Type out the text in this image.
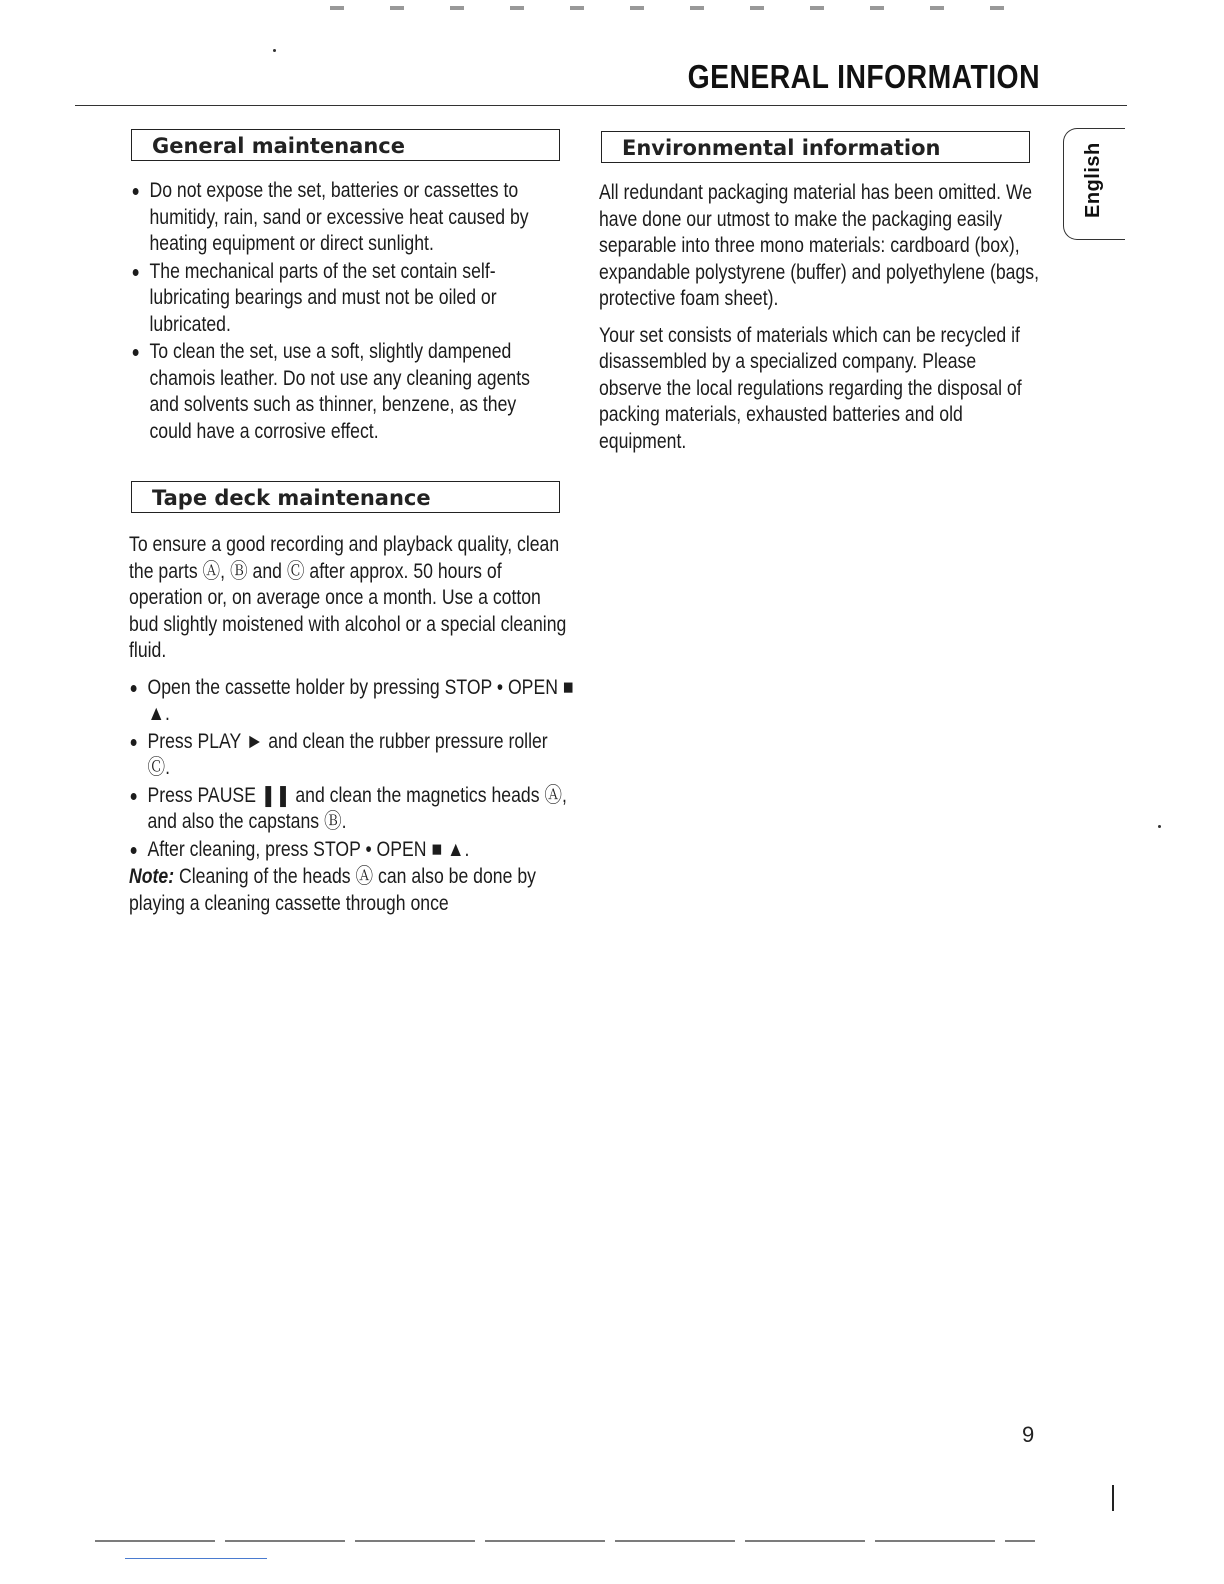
GENERAL INFORMATION
English
General maintenance
Do not expose the set, batteries or cassettes to humitidy, rain, sand or excessive heat caused by heating equipment or direct sunlight.
The mechanical parts of the set contain self-lubricating bearings and must not be oiled or lubricated.
To clean the set, use a soft, slightly dampened chamois leather. Do not use any cleaning agents and solvents such as thinner, benzene, as they could have a corrosive effect.
Tape deck maintenance

To ensure a good recording and playback quality, clean the parts Ⓐ, Ⓑ and Ⓒ after approx. 50 hours of operation or, on average once a month. Use a cotton bud slightly moistened with alcohol or a special cleaning fluid.

Open the cassette holder by pressing STOP • OPEN ■ ▲.
Press PLAY ► and clean the rubber pressure roller Ⓒ.
Press PAUSE ❚❚ and clean the magnetics heads Ⓐ, and also the capstans Ⓑ.
After cleaning, press STOP • OPEN ■ ▲.

Note: Cleaning of the heads Ⓐ can also be done by playing a cleaning cassette through once

Environmental information

All redundant packaging material has been omitted. We have done our utmost to make the packaging easily separable into three mono materials: cardboard (box), expandable polystyrene (buffer) and polyethylene (bags, protective foam sheet).

Your set consists of materials which can be recycled if disassembled by a specialized company. Please observe the local regulations regarding the disposal of packing materials, exhausted batteries and old equipment.

9
